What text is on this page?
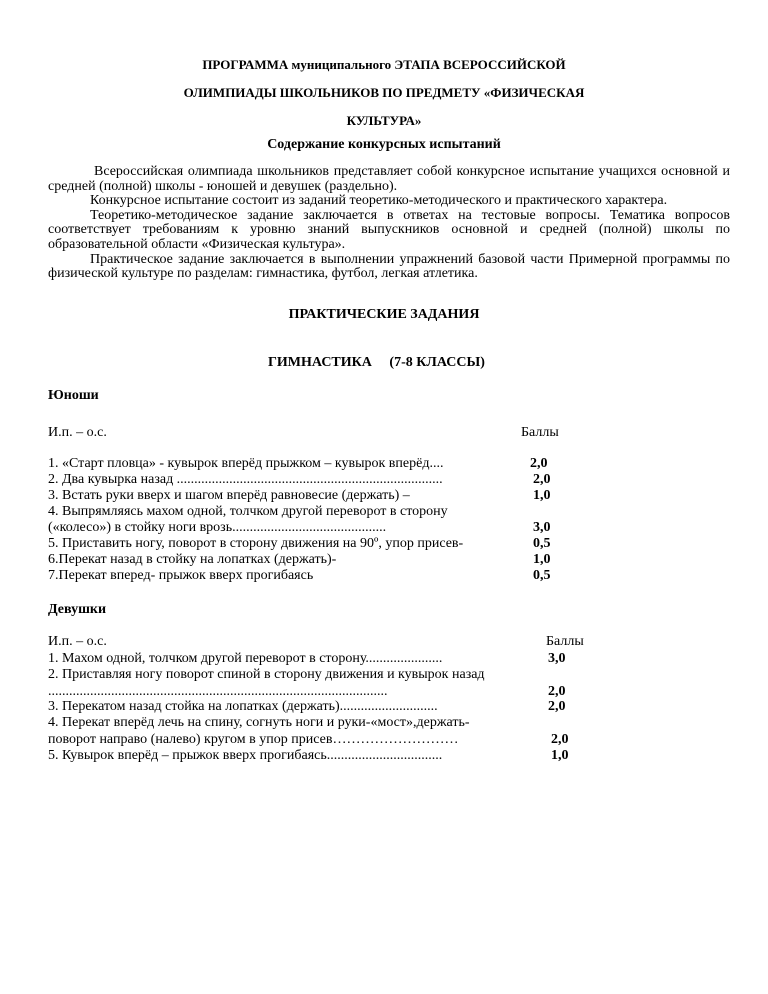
ПРОГРАММА муниципального ЭТАПА ВСЕРОССИЙСКОЙ
ОЛИМПИАДЫ ШКОЛЬНИКОВ ПО ПРЕДМЕТУ «ФИЗИЧЕСКАЯ
КУЛЬТУРА»
Содержание конкурсных испытаний

Всероссийская олимпиада школьников представляет собой конкурсное испытание учащихся основной и средней (полной) школы - юношей и девушек (раздельно).

Конкурсное испытание состоит из заданий теоретико-методического и практического характера.

Теоретико-методическое задание заключается в ответах на тестовые вопросы. Тематика вопросов соответствует требованиям к уровню знаний выпускников основной и средней (полной) школы по образовательной области «Физическая культура».

Практическое задание заключается в выполнении упражнений базовой части Примерной программы по физической культуре по разделам: гимнастика, футбол, легкая атлетика.

ПРАКТИЧЕСКИЕ ЗАДАНИЯ
ГИМНАСТИКА     (7-8 КЛАССЫ)
Юноши
И.п. – о.с.	Баллы
1. «Старт пловца» - кувырок вперёд прыжком – кувырок вперёд....	2,0
2. Два кувырка назад ............................................................................	2,0
3. Встать руки вверх и шагом вперёд равновесие (держать) –	1,0
4. Выпрямляясь махом одной, толчком другой переворот в сторону
(«колесо») в стойку ноги врозь............................................	3,0
5. Приставить ногу, поворот в сторону движения на 90º, упор присев-	0,5
6.Перекат назад в стойку на лопатках (держать)-	1,0
7.Перекат вперед- прыжок вверх прогибаясь	0,5
Девушки
И.п. – о.с.	Баллы
1. Махом одной, толчком другой переворот в сторону......................	3,0
2. Приставляя ногу поворот спиной в сторону движения и кувырок назад
.................................................................................................	2,0
3. Перекатом назад стойка на лопатках (держать)............................	2,0
4. Перекат вперёд лечь на спину, согнуть ноги и руки-«мост»,держать-
поворот направо (налево) кругом в упор присев………………………	2,0
5. Кувырок вперёд – прыжок вверх прогибаясь.................................	1,0
